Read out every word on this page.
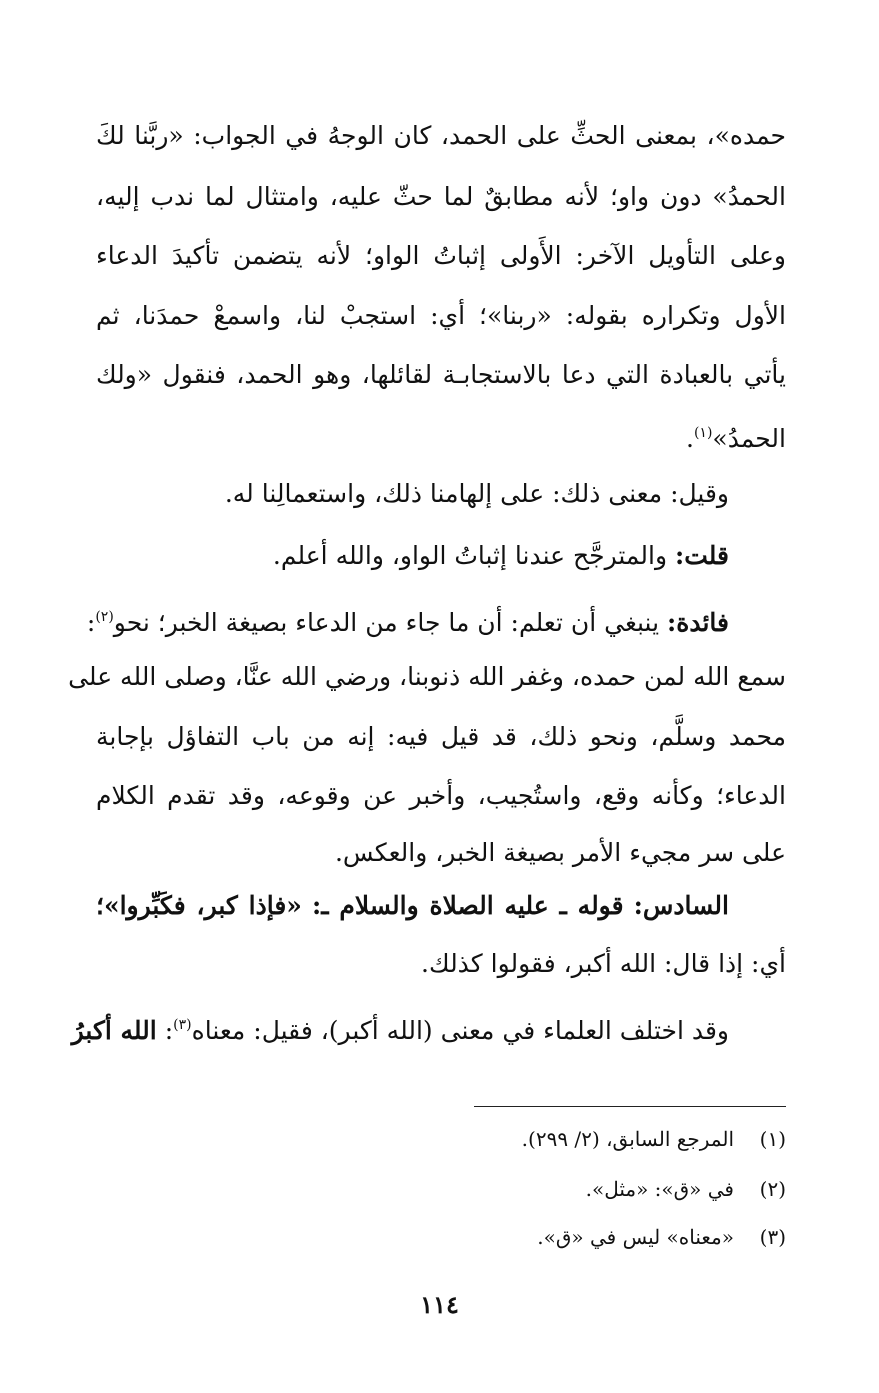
حمده»، بمعنى الحثِّ على الحمد، كان الوجهُ في الجواب: «ربَّنا لكَ
الحمدُ» دون واو؛ لأنه مطابقٌ لما حثّ عليه، وامتثال لما ندب إليه،
وعلى التأويل الآخر: الأَولى إثباتُ الواو؛ لأنه يتضمن تأكيدَ الدعاء
الأول وتكراره بقوله: «ربنا»؛ أي: استجبْ لنا، واسمعْ حمدَنا، ثم
يأتي بالعبادة التي دعا بالاستجابـة لقائلها، وهو الحمد، فنقول «ولك
الحمدُ»$^{(١)}$.
وقيل: معنى ذلك: على إلهامنا ذلك، واستعمالِنا له.
قلت: والمترجَّح عندنا إثباتُ الواو، والله أعلم.
فائدة: ينبغي أن تعلم: أن ما جاء من الدعاء بصيغة الخبر؛ نحو$^{(٢)}$:
سمع الله لمن حمده، وغفر الله ذنوبنا، ورضي الله عنَّا، وصلى الله على
محمد وسلَّم، ونحو ذلك، قد قيل فيه: إنه من باب التفاؤل بإجابة
الدعاء؛ وكأنه وقع، واستُجيب، وأخبر عن وقوعه، وقد تقدم الكلام
على سر مجيء الأمر بصيغة الخبر، والعكس.
السادس: قوله ـ عليه الصلاة والسلام ـ: «فإذا كبر، فكَبِّروا»؛
أي: إذا قال: الله أكبر، فقولوا كذلك.
وقد اختلف العلماء في معنى (الله أكبر)، فقيل: معناه$^{(٣)}$: الله أكبرُ
(١)المرجع السابق، (٢/ ٢٩٩).
(٢)في «ق»: «مثل».
(٣)«معناه» ليس في «ق».
١١٤
